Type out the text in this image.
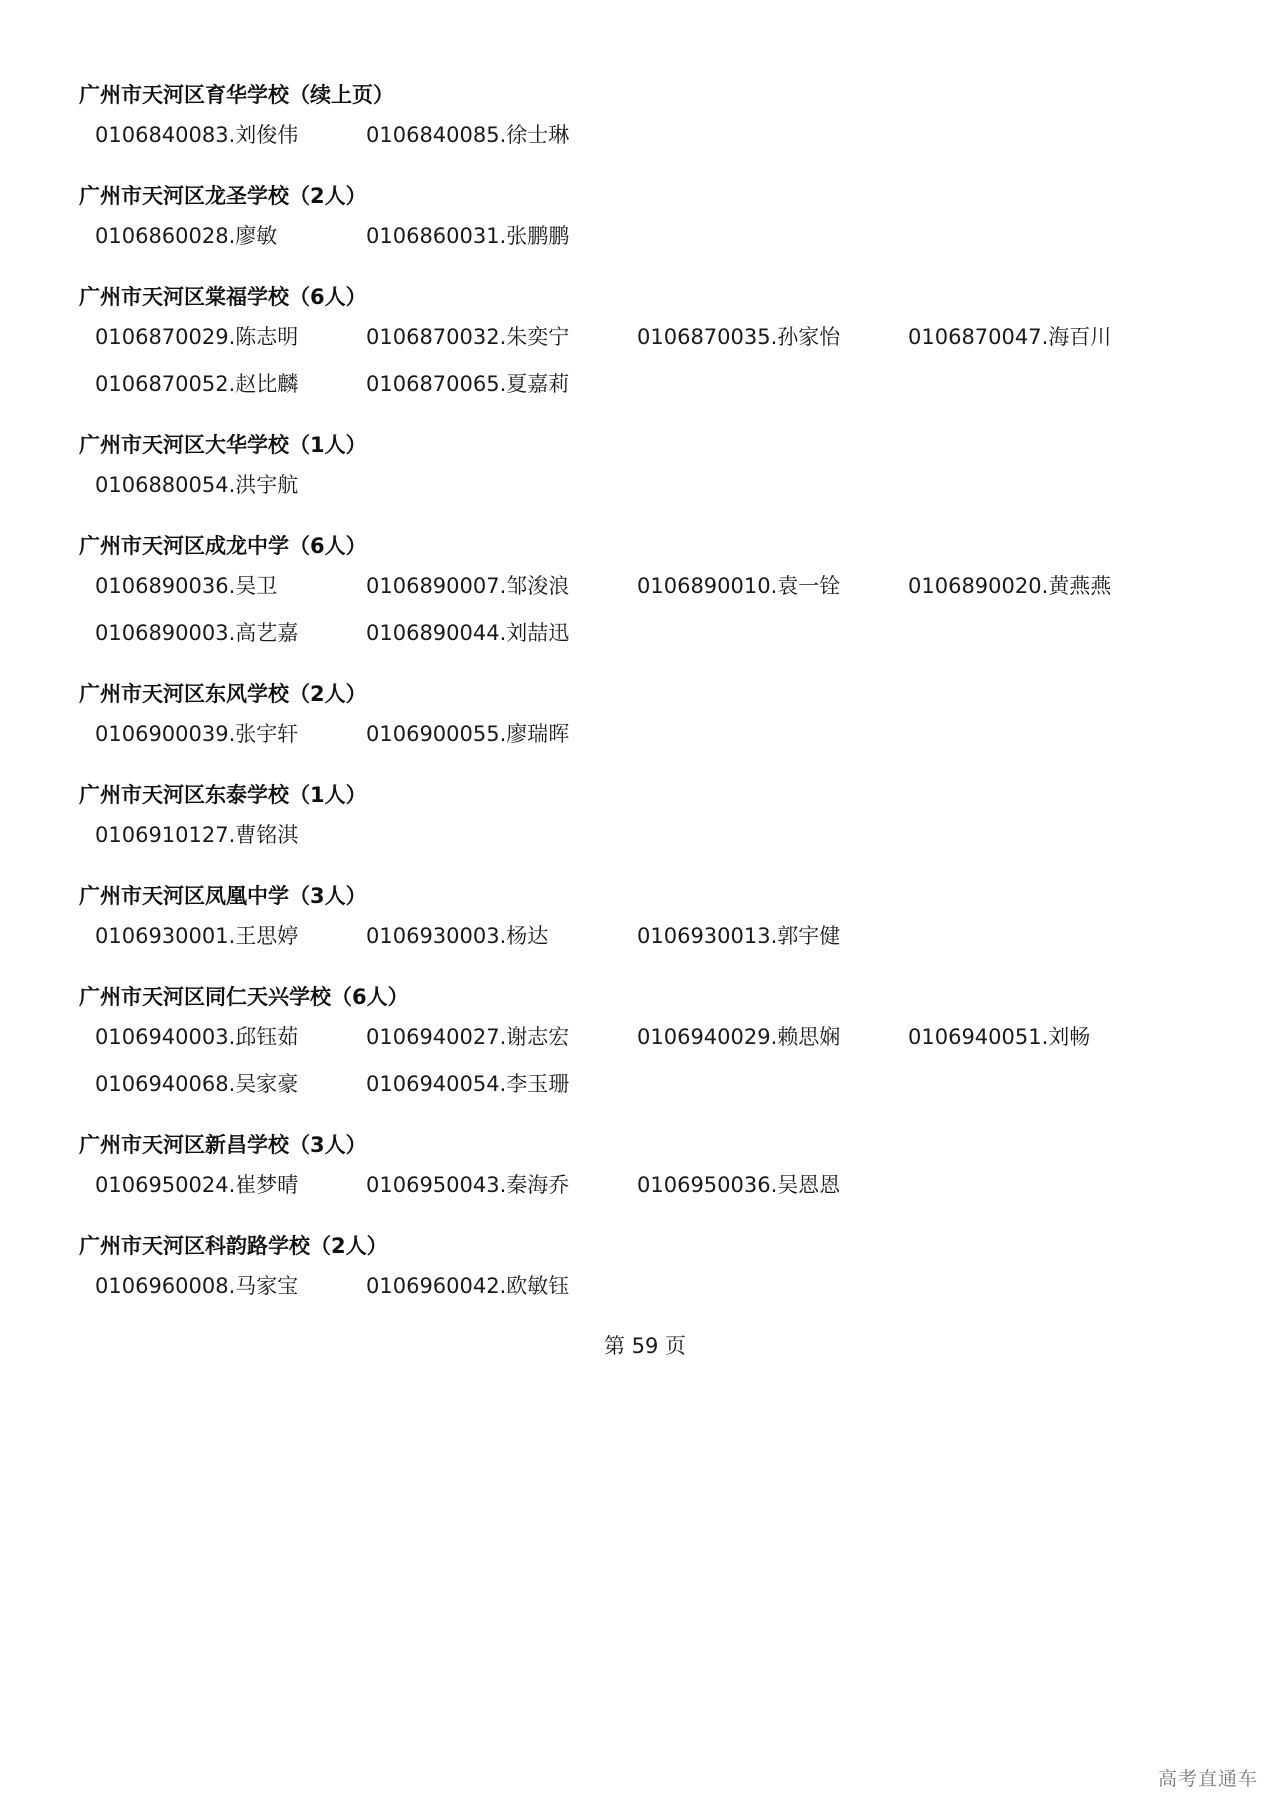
广州市天河区育华学校（续上页）
0106840083.刘俊伟	0106840085.徐士琳
广州市天河区龙圣学校（2人）
0106860028.廖敏	0106860031.张鹏鹏
广州市天河区棠福学校（6人）
0106870029.陈志明	0106870032.朱奕宁	0106870035.孙家怡	0106870047.海百川
0106870052.赵比麟	0106870065.夏嘉莉
广州市天河区大华学校（1人）
0106880054.洪宇航
广州市天河区成龙中学（6人）
0106890036.吴卫	0106890007.邹浚浪	0106890010.袁一铨	0106890020.黄燕燕
0106890003.高艺嘉	0106890044.刘喆迅
广州市天河区东风学校（2人）
0106900039.张宇轩	0106900055.廖瑞晖
广州市天河区东泰学校（1人）
0106910127.曹铭淇
广州市天河区凤凰中学（3人）
0106930001.王思婷	0106930003.杨达	0106930013.郭宇健
广州市天河区同仁天兴学校（6人）
0106940003.邱钰茹	0106940027.谢志宏	0106940029.赖思娴	0106940051.刘畅
0106940068.吴家豪	0106940054.李玉珊
广州市天河区新昌学校（3人）
0106950024.崔梦晴	0106950043.秦海乔	0106950036.吴恩恩
广州市天河区科韵路学校（2人）
0106960008.马家宝	0106960042.欧敏钰
第 59 页
高考直通车
